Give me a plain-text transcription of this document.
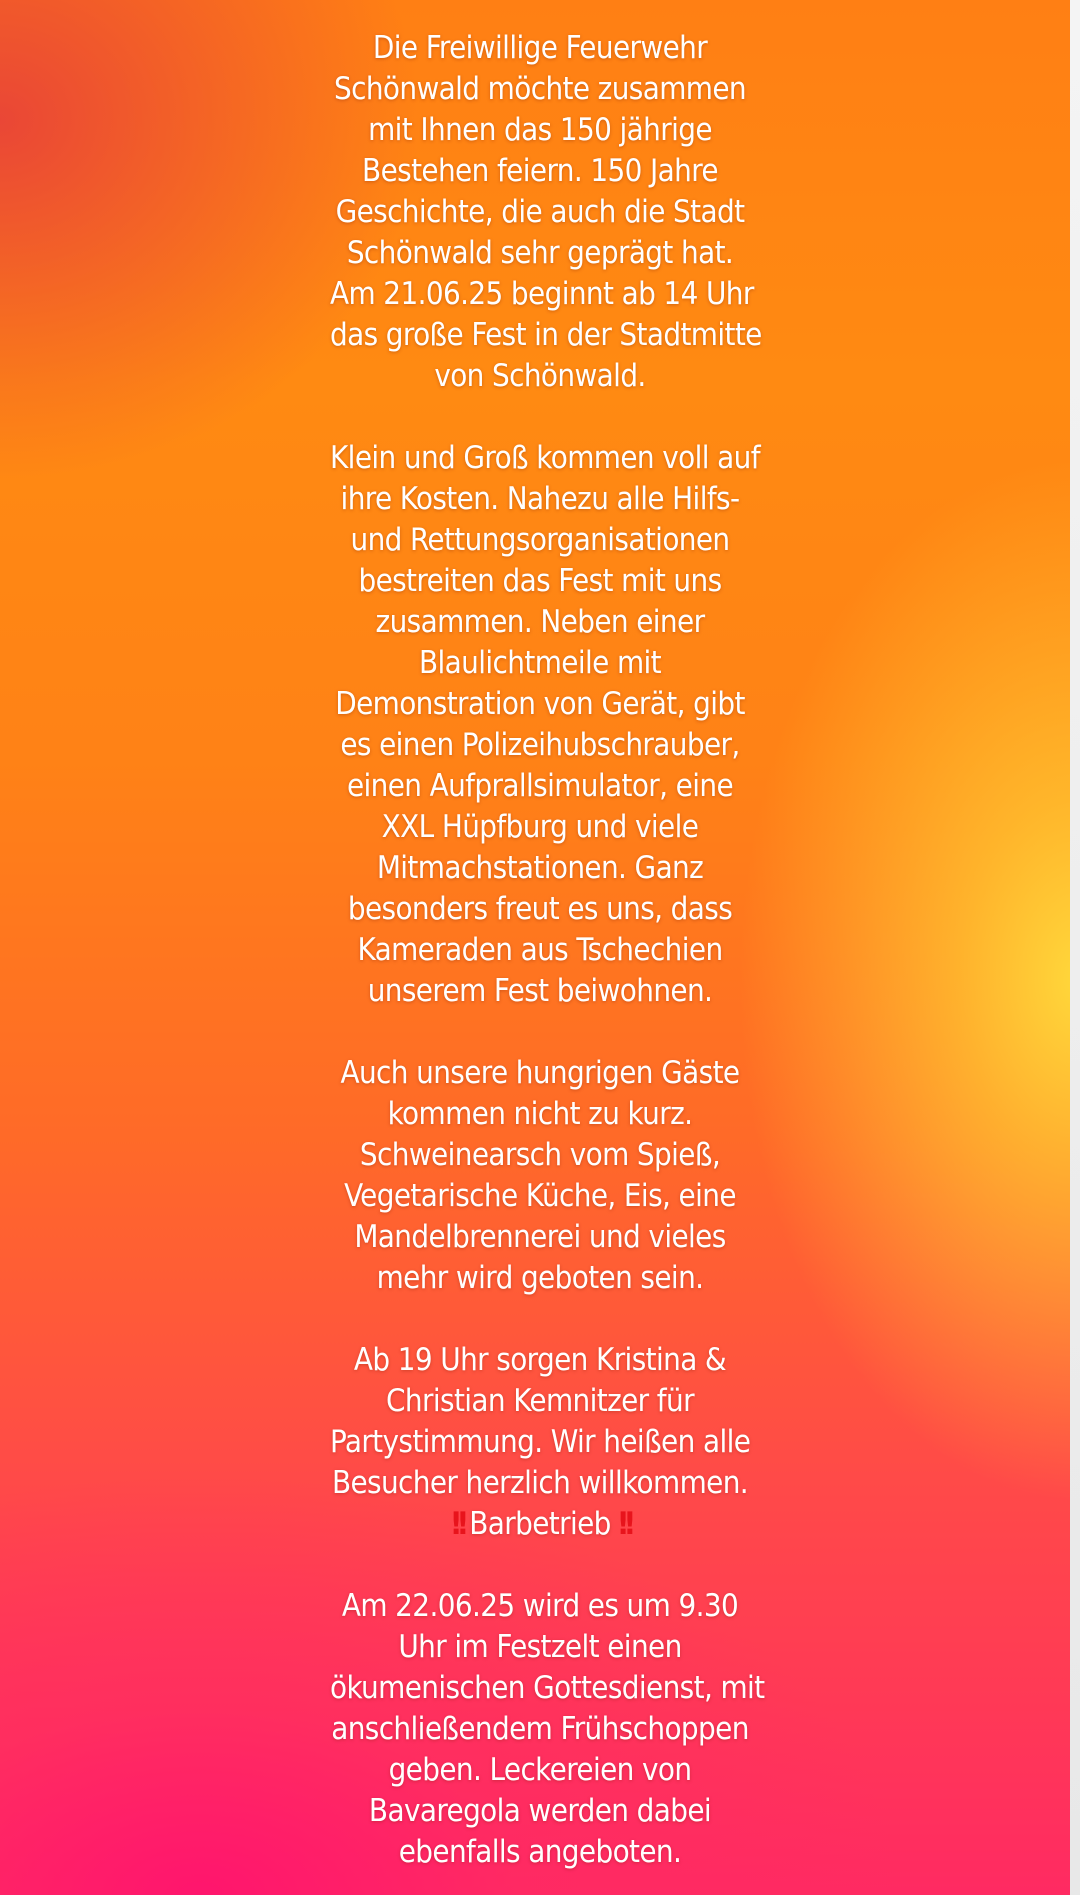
Die Freiwillige Feuerwehr
Schönwald möchte zusammen
mit Ihnen das 150 jährige
Bestehen feiern. 150 Jahre
Geschichte, die auch die Stadt
Schönwald sehr geprägt hat.
Am 21.06.25 beginnt ab 14 Uhr
das große Fest in der Stadtmitte
von Schönwald.
Klein und Groß kommen voll auf
ihre Kosten. Nahezu alle Hilfs-
und Rettungsorganisationen
bestreiten das Fest mit uns
zusammen. Neben einer
Blaulichtmeile mit
Demonstration von Gerät, gibt
es einen Polizeihubschrauber,
einen Aufprallsimulator, eine
XXL Hüpfburg und viele
Mitmachstationen. Ganz
besonders freut es uns, dass
Kameraden aus Tschechien
unserem Fest beiwohnen.
Auch unsere hungrigen Gäste
kommen nicht zu kurz.
Schweinearsch vom Spieß,
Vegetarische Küche, Eis, eine
Mandelbrennerei und vieles
mehr wird geboten sein.
Ab 19 Uhr sorgen Kristina &
Christian Kemnitzer für
Partystimmung. Wir heißen alle
Besucher herzlich willkommen.
!! Barbetrieb !!
Am 22.06.25 wird es um 9.30
Uhr im Festzelt einen
ökumenischen Gottesdienst, mit
anschließendem Frühschoppen
geben. Leckereien von
Bavaregola werden dabei
ebenfalls angeboten.
